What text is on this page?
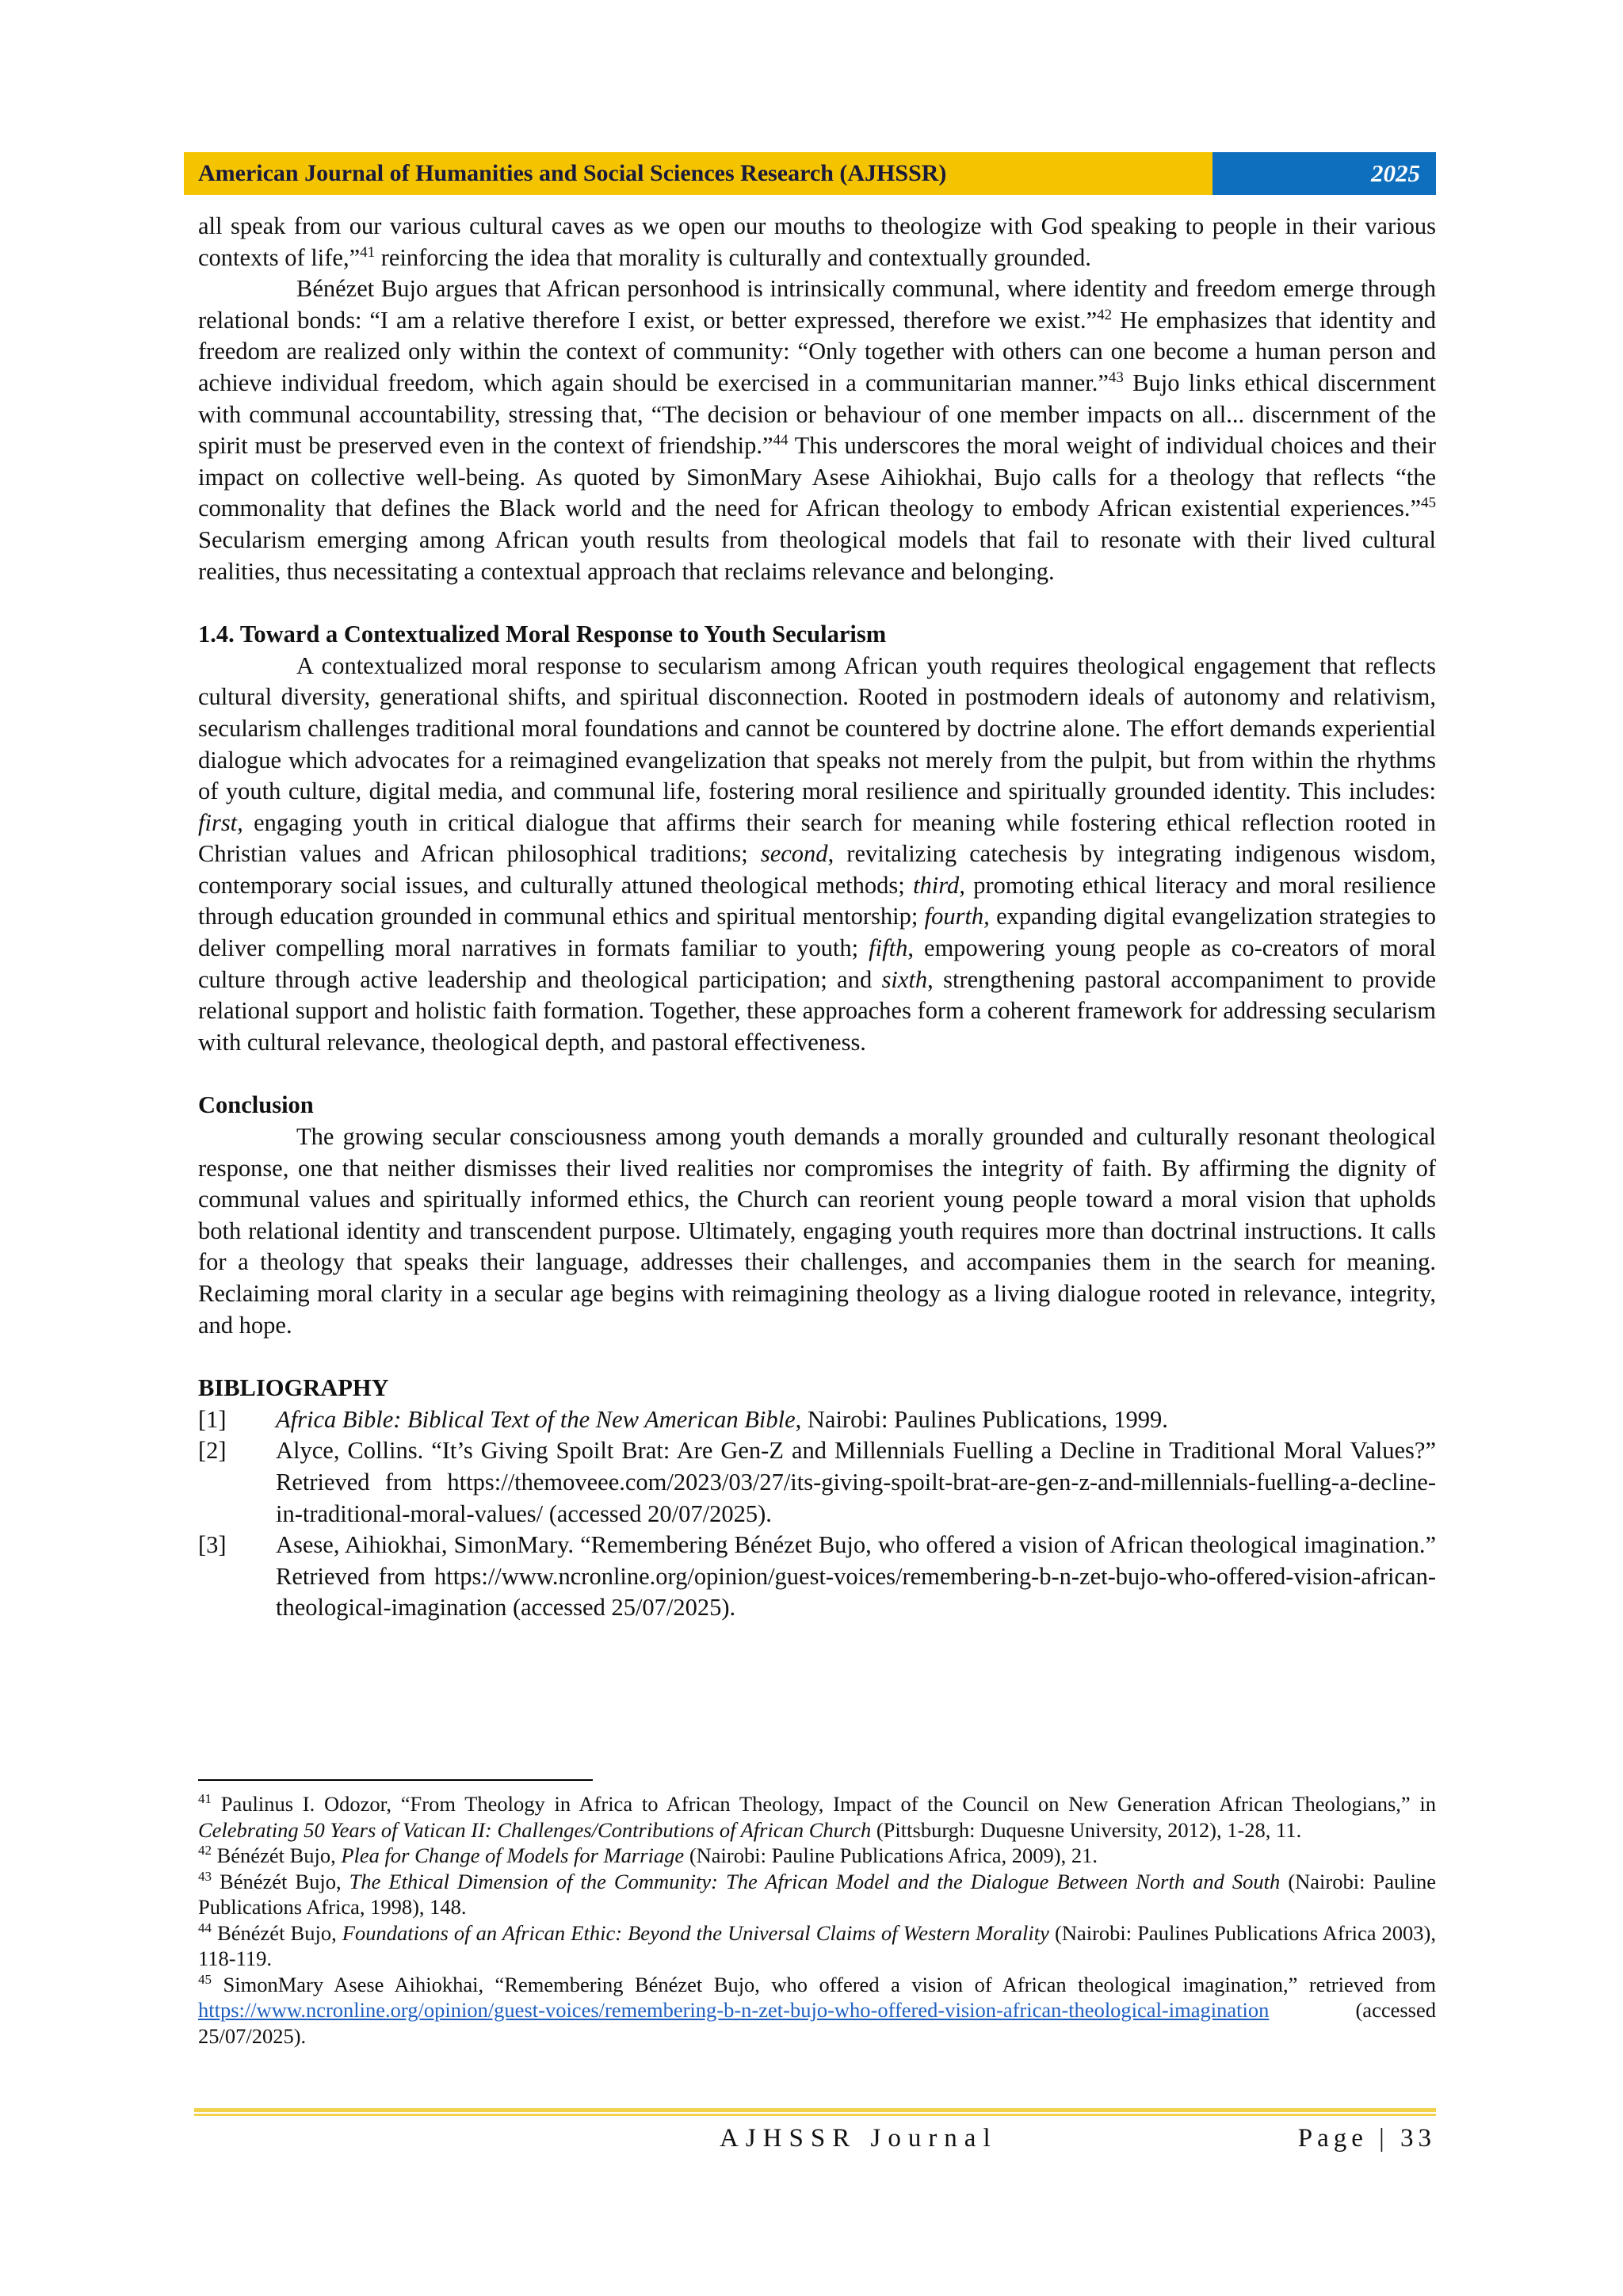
American Journal of Humanities and Social Sciences Research (AJHSSR)	2025

all speak from our various cultural caves as we open our mouths to theologize with God speaking to people in their various contexts of life,”$^{41}$ reinforcing the idea that morality is culturally and contextually grounded.

Bénézet Bujo argues that African personhood is intrinsically communal, where identity and freedom emerge through relational bonds: “I am a relative therefore I exist, or better expressed, therefore we exist.”$^{42}$ He emphasizes that identity and freedom are realized only within the context of community: “Only together with others can one become a human person and achieve individual freedom, which again should be exercised in a communitarian manner.”$^{43}$ Bujo links ethical discernment with communal accountability, stressing that, “The decision or behaviour of one member impacts on all... discernment of the spirit must be preserved even in the context of friendship.”$^{44}$ This underscores the moral weight of individual choices and their impact on collective well-being. As quoted by SimonMary Asese Aihiokhai, Bujo calls for a theology that reflects “the commonality that defines the Black world and the need for African theology to embody African existential experiences.”$^{45}$ Secularism emerging among African youth results from theological models that fail to resonate with their lived cultural realities, thus necessitating a contextual approach that reclaims relevance and belonging.

1.4. Toward a Contextualized Moral Response to Youth Secularism

A contextualized moral response to secularism among African youth requires theological engagement that reflects cultural diversity, generational shifts, and spiritual disconnection. Rooted in postmodern ideals of autonomy and relativism, secularism challenges traditional moral foundations and cannot be countered by doctrine alone. The effort demands experiential dialogue which advocates for a reimagined evangelization that speaks not merely from the pulpit, but from within the rhythms of youth culture, digital media, and communal life, fostering moral resilience and spiritually grounded identity. This includes: first, engaging youth in critical dialogue that affirms their search for meaning while fostering ethical reflection rooted in Christian values and African philosophical traditions; second, revitalizing catechesis by integrating indigenous wisdom, contemporary social issues, and culturally attuned theological methods; third, promoting ethical literacy and moral resilience through education grounded in communal ethics and spiritual mentorship; fourth, expanding digital evangelization strategies to deliver compelling moral narratives in formats familiar to youth; fifth, empowering young people as co-creators of moral culture through active leadership and theological participation; and sixth, strengthening pastoral accompaniment to provide relational support and holistic faith formation. Together, these approaches form a coherent framework for addressing secularism with cultural relevance, theological depth, and pastoral effectiveness.

Conclusion

The growing secular consciousness among youth demands a morally grounded and culturally resonant theological response, one that neither dismisses their lived realities nor compromises the integrity of faith. By affirming the dignity of communal values and spiritually informed ethics, the Church can reorient young people toward a moral vision that upholds both relational identity and transcendent purpose. Ultimately, engaging youth requires more than doctrinal instructions. It calls for a theology that speaks their language, addresses their challenges, and accompanies them in the search for meaning. Reclaiming moral clarity in a secular age begins with reimagining theology as a living dialogue rooted in relevance, integrity, and hope.

BIBLIOGRAPHY

[1]	Africa Bible: Biblical Text of the New American Bible, Nairobi: Paulines Publications, 1999.
[2]	Alyce, Collins. “It’s Giving Spoilt Brat: Are Gen-Z and Millennials Fuelling a Decline in Traditional Moral Values?” Retrieved from https://themoveee.com/2023/03/27/its-giving-spoilt-brat-are-gen-z-and-millennials-fuelling-a-decline-in-traditional-moral-values/ (accessed 20/07/2025).
[3]	Asese, Aihiokhai, SimonMary. “Remembering Bénézet Bujo, who offered a vision of African theological imagination.” Retrieved from https://www.ncronline.org/opinion/guest-voices/remembering-b-n-zet-bujo-who-offered-vision-african-theological-imagination (accessed 25/07/2025).

$^{41}$ Paulinus I. Odozor, “From Theology in Africa to African Theology, Impact of the Council on New Generation African Theologians,” in Celebrating 50 Years of Vatican II: Challenges/Contributions of African Church (Pittsburgh: Duquesne University, 2012), 1-28, 11.

$^{42}$ Bénézét Bujo, Plea for Change of Models for Marriage (Nairobi: Pauline Publications Africa, 2009), 21.

$^{43}$ Bénézét Bujo, The Ethical Dimension of the Community: The African Model and the Dialogue Between North and South (Nairobi: Pauline Publications Africa, 1998), 148.

$^{44}$ Bénézét Bujo, Foundations of an African Ethic: Beyond the Universal Claims of Western Morality (Nairobi: Paulines Publications Africa 2003), 118-119.

$^{45}$ SimonMary Asese Aihiokhai, “Remembering Bénézet Bujo, who offered a vision of African theological imagination,” retrieved from https://www.ncronline.org/opinion/guest-voices/remembering-b-n-zet-bujo-who-offered-vision-african-theological-imagination (accessed 25/07/2025).

AJHSSR Journal	Page | 33
